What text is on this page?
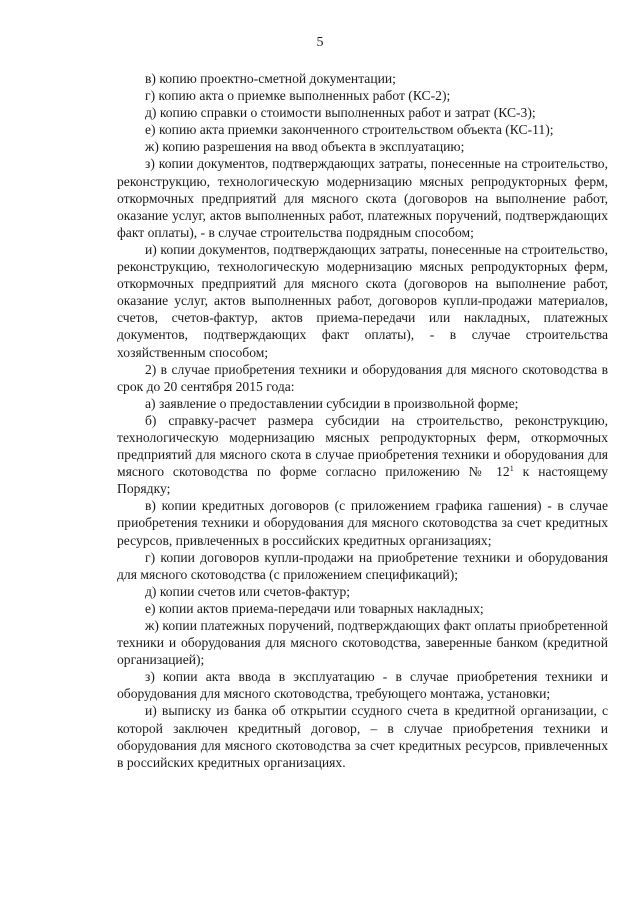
5

в) копию проектно-сметной документации;

г) копию акта о приемке выполненных работ (КС-2);

д) копию справки о стоимости выполненных работ и затрат (КС-3);

е) копию акта приемки законченного строительством объекта (КС-11);

ж) копию разрешения на ввод объекта в эксплуатацию;

з) копии документов, подтверждающих затраты, понесенные на строительство, реконструкцию, технологическую модернизацию мясных репродукторных ферм, откормочных предприятий для мясного скота (договоров на выполнение работ, оказание услуг, актов выполненных работ, платежных поручений, подтверждающих факт оплаты), - в случае строительства подрядным способом;

и) копии документов, подтверждающих затраты, понесенные на строительство, реконструкцию, технологическую модернизацию мясных репродукторных ферм, откормочных предприятий для мясного скота (договоров на выполнение работ, оказание услуг, актов выполненных работ, договоров купли-продажи материалов, счетов, счетов-фактур, актов приема-передачи или накладных, платежных документов, подтверждающих факт оплаты), - в случае строительства хозяйственным способом;

2) в случае приобретения техники и оборудования для мясного скотоводства в срок до 20 сентября 2015 года:

а) заявление о предоставлении субсидии в произвольной форме;

б) справку-расчет размера субсидии на строительство, реконструкцию, технологическую модернизацию мясных репродукторных ферм, откормочных предприятий для мясного скота в случае приобретения техники и оборудования для мясного скотоводства по форме согласно приложению № $12^1$ к настоящему Порядку;

в) копии кредитных договоров (с приложением графика гашения) - в случае приобретения техники и оборудования для мясного скотоводства за счет кредитных ресурсов, привлеченных в российских кредитных организациях;

г) копии договоров купли-продажи на приобретение техники и оборудования для мясного скотоводства (с приложением спецификаций);

д) копии счетов или счетов-фактур;

е) копии актов приема-передачи или товарных накладных;

ж) копии платежных поручений, подтверждающих факт оплаты приобретенной техники и оборудования для мясного скотоводства, заверенные банком (кредитной организацией);

з) копии акта ввода в эксплуатацию - в случае приобретения техники и оборудования для мясного скотоводства, требующего монтажа, установки;

и) выписку из банка об открытии ссудного счета в кредитной организации, с которой заключен кредитный договор, – в случае приобретения техники и оборудования для мясного скотоводства за счет кредитных ресурсов, привлеченных в российских кредитных организациях.
